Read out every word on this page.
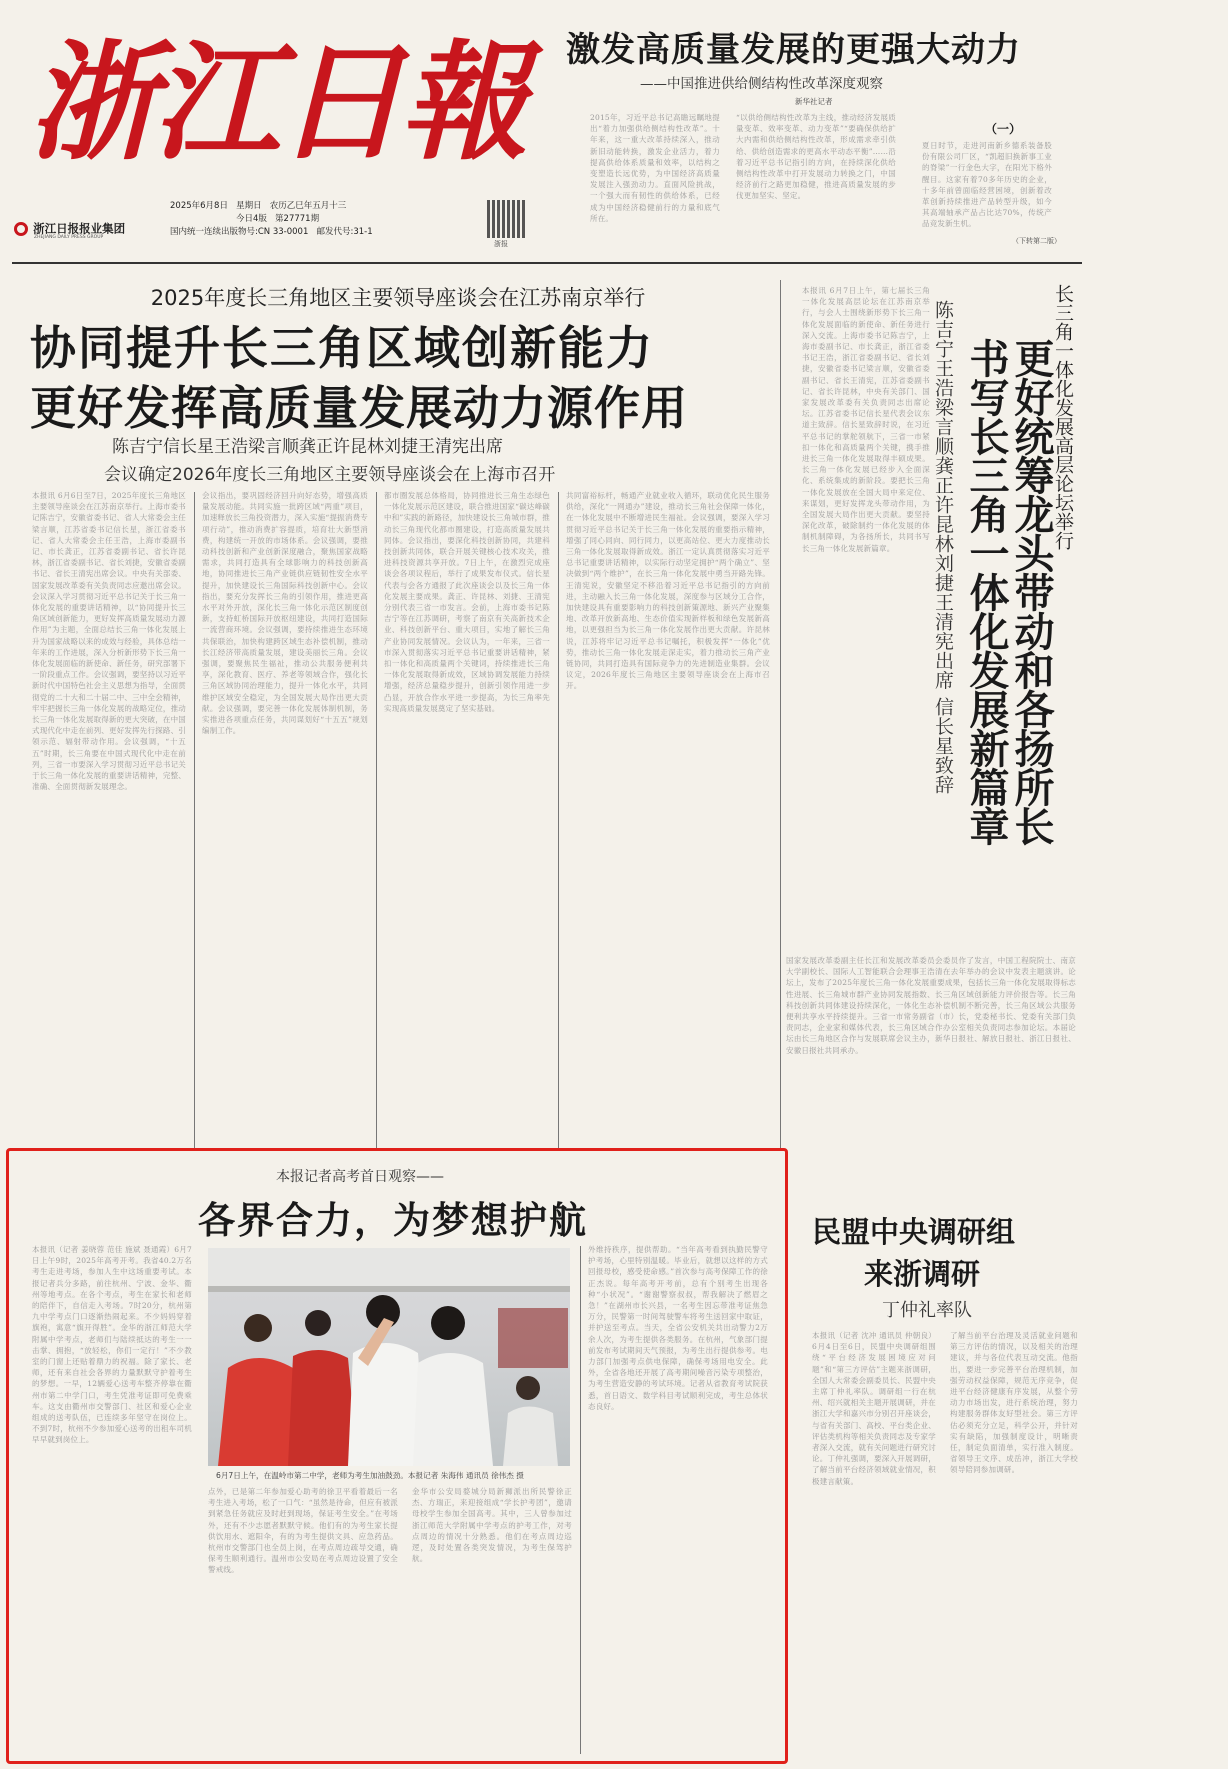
浙江日報
浙江日报报业集团
ZHEJIANG DAILY PRESS GROUP
2025年6月8日 星期日 农历乙巳年五月十三
今日4版 第27771期
国内统一连续出版物号:CN 33-0001 邮发代号:31-1
浙报
激发高质量发展的更强大动力
——中国推进供给侧结构性改革深度观察
新华社记者
2015年，习近平总书记高瞻远瞩地提出“着力加强供给侧结构性改革”。十年来，这一重大改革持续深入，推动新旧动能转换，激发企业活力，着力提高供给体系质量和效率，以结构之变塑造长远优势，为中国经济高质量发展注入强劲动力。直面风险挑战，一个强大而有韧性的供给体系，已经成为中国经济稳健前行的力量和底气所在。
“以供给侧结构性改革为主线，推动经济发展质量变革、效率变革、动力变革”“要确保供给扩大内需和供给侧结构性改革，形成需求牵引供给、供给创造需求的更高水平动态平衡”……沿着习近平总书记指引的方向，在持续深化供给侧结构性改革中打开发展动力转换之门，中国经济前行之路更加稳健，推进高质量发展的步伐更加坚实、坚定。
夏日时节，走进河南新乡德系装备股份有限公司厂区，“凯超旧换新事工业的脊梁”一行金色大字，在阳光下格外醒目。这家有着70多年历史的企业，十多年前曾面临经营困境，创新着改革创新持续推进产品转型升级，如今其高端轴承产品占比达70%，传统产品竞发新生机。
（一）
（下转第二版）
2025年度长三角地区主要领导座谈会在江苏南京举行
协同提升长三角区域创新能力
更好发挥高质量发展动力源作用
陈吉宁信长星王浩梁言顺龚正许昆林刘捷王清宪出席
会议确定2026年度长三角地区主要领导座谈会在上海市召开
本报讯 6月6日至7日，2025年度长三角地区主要领导座谈会在江苏南京举行。上海市委书记陈吉宁，安徽省委书记、省人大常委会主任梁言顺，江苏省委书记信长星，浙江省委书记、省人大常委会主任王浩，上海市委副书记、市长龚正，江苏省委副书记、省长许昆林，浙江省委副书记、省长刘捷，安徽省委副书记、省长王清宪出席会议。中央有关部委、国家发展改革委有关负责同志应邀出席会议。会议深入学习贯彻习近平总书记关于长三角一体化发展的重要讲话精神，以“协同提升长三角区域创新能力，更好发挥高质量发展动力源作用”为主题，全面总结长三角一体化发展上升为国家战略以来的成效与经验，具体总结一年来的工作进展，深入分析新形势下长三角一体化发展面临的新使命、新任务，研究部署下一阶段重点工作。会议强调，要坚持以习近平新时代中国特色社会主义思想为指导，全面贯彻党的二十大和二十届二中、三中全会精神，牢牢把握长三角一体化发展的战略定位，推动长三角一体化发展取得新的更大突破，在中国式现代化中走在前列、更好发挥先行探路、引领示范、辐射带动作用。会议强调，“十五五”时期，长三角要在中国式现代化中走在前列，三省一市要深入学习贯彻习近平总书记关于长三角一体化发展的重要讲话精神，完整、准确、全面贯彻新发展理念。
会议指出，要巩固经济回升向好态势，增强高质量发展动能。共同实施一批跨区域“两重”项目，加速释放长三角投资潜力，深入实施“提振消费专项行动”，推动消费扩容提质，培育壮大新型消费，构建统一开放的市场体系。会议强调，要推动科技创新和产业创新深度融合，聚焦国家战略需求，共同打造具有全球影响力的科技创新高地，协同推进长三角产业链供应链韧性安全水平提升，加快建设长三角国际科技创新中心。会议指出，要充分发挥长三角的引领作用，推进更高水平对外开放，深化长三角一体化示范区制度创新，支持虹桥国际开放枢纽建设，共同打造国际一流营商环境。会议强调，要持续推进生态环境共保联治，加快构建跨区域生态补偿机制，推动长江经济带高质量发展，建设美丽长三角。会议强调，要聚焦民生福祉，推动公共服务便利共享，深化教育、医疗、养老等领域合作，强化长三角区域协同治理能力，提升一体化水平，共同维护区域安全稳定，为全国发展大局作出更大贡献。会议强调，要完善一体化发展体制机制，务实推进各项重点任务，共同谋划好“十五五”规划编制工作。
都市圈发展总体格局，协同推进长三角生态绿色一体化发展示范区建设，联合推进国家“碳达峰碳中和”实践的新路径，加快建设长三角城市群，推动长三角现代化都市圈建设，打造高质量发展共同体。会议指出，要深化科技创新协同，共建科技创新共同体，联合开展关键核心技术攻关，推进科技资源共享开放。7日上午，在激烈完成座谈会各项议程后，举行了成果发布仪式。信长星代表与会各方通报了此次座谈会以及长三角一体化发展主要成果。龚正、许昆林、刘捷、王清宪分别代表三省一市发言。会前，上海市委书记陈吉宁等在江苏调研，考察了南京有关高新技术企业、科技创新平台、重大项目，实地了解长三角产业协同发展情况。会议认为，一年来，三省一市深入贯彻落实习近平总书记重要讲话精神，紧扣一体化和高质量两个关键词，持续推进长三角一体化发展取得新成效，区域协调发展能力持续增强，经济总量稳步提升，创新引领作用进一步凸显，开放合作水平进一步提高，为长三角率先实现高质量发展奠定了坚实基础。
共同富裕标杆，畅通产业就业收入循环，联动优化民生服务供给，深化“一网通办”建设，推动长三角社会保障一体化，在一体化发展中不断增进民生福祉。会议强调，要深入学习贯彻习近平总书记关于长三角一体化发展的重要指示精神，增强了同心同向、同行同力，以更高站位、更大力度推动长三角一体化发展取得新成效。浙江一定认真贯彻落实习近平总书记重要讲话精神，以实际行动坚定拥护“两个确立”、坚决做到“两个维护”，在长三角一体化发展中勇当开路先锋。王清宪说，安徽坚定不移沿着习近平总书记指引的方向前进，主动融入长三角一体化发展，深度参与区域分工合作，加快建设具有重要影响力的科技创新策源地、新兴产业聚集地、改革开放新高地、生态价值实现新样板和绿色发展新高地，以更强担当为长三角一体化发展作出更大贡献。许昆林说，江苏将牢记习近平总书记嘱托，积极发挥“一体化”优势，推动长三角一体化发展走深走实，着力推动长三角产业链协同，共同打造具有国际竞争力的先进制造业集群。会议议定，2026年度长三角地区主要领导座谈会在上海市召开。
本报讯 6月7日上午，第七届长三角一体化发展高层论坛在江苏南京举行，与会人士围绕新形势下长三角一体化发展面临的新使命、新任务进行深入交流。上海市委书记陈吉宁，上海市委副书记、市长龚正，浙江省委书记王浩，浙江省委副书记、省长刘捷，安徽省委书记梁言顺，安徽省委副书记、省长王清宪，江苏省委副书记、省长许昆林，中央有关部门、国家发展改革委有关负责同志出席论坛。江苏省委书记信长星代表会议东道主致辞。信长星致辞时说，在习近平总书记的掌舵领航下，三省一市紧扣一体化和高质量两个关键，携手推进长三角一体化发展取得丰硕成果。长三角一体化发展已经步入全面深化、系统集成的新阶段。要把长三角一体化发展放在全国大局中来定位、来谋划，更好发挥龙头带动作用，为全国发展大局作出更大贡献。要坚持深化改革，破除制约一体化发展的体制机制障碍，为各扬所长，共同书写长三角一体化发展新篇章。	长三角一体化发展高层论坛举行
更好统筹龙头带动和各扬所长
书写长三角一体化发展新篇章
陈吉宁王浩梁言顺龚正许昆林刘捷王清宪出席 信长星致辞
国家发展改革委副主任长江和发展改革委员会委员作了发言，中国工程院院士、南京大学副校长、国际人工智能联合会理事王浩清在去年举办的会议中发表主题演讲。论坛上，发布了2025年度长三角一体化发展重要成果，包括长三角一体化发展取得标志性进展、长三角城市群产业协同发展指数、长三角区域创新能力评价报告等。长三角科技创新共同体建设持续深化，一体化生态补偿机制不断完善，长三角区域公共服务便利共享水平持续提升。三省一市常务副省（市）长，党委秘书长、党委有关部门负责同志，企业家和媒体代表，长三角区域合作办公室相关负责同志参加论坛。本届论坛由长三角地区合作与发展联席会议主办，新华日报社、解放日报社、浙江日报社、安徽日报社共同承办。
本报记者高考首日观察——
各界合力，为梦想护航
本报讯（记者 姜晓蓉 范佳 施斌 聂通霞）6月7日上午9时，2025年高考开考。我省40.2万名考生走进考场，参加人生中这场重要考试。本报记者兵分多路，前往杭州、宁波、金华、衢州等地考点。在各个考点，考生在家长和老师的陪伴下，自信走入考场。7时20分，杭州第九中学考点门口逐渐热闹起来。不少妈妈穿着旗袍，寓意“旗开得胜”。金华的浙江师范大学附属中学考点，老师们与陆续抵达的考生一一击掌、拥抱，“放轻松，你们一定行！”不少教室的门窗上还贴着鼎力的祝福。除了家长、老师，还有来自社会各界的力量默默守护着考生的梦想。一早，12辆爱心送考车整齐停靠在衢州市第二中学门口，考生凭准考证即可免费乘车。这支由衢州市交警部门、社区和爱心企业组成的送考队伍，已连续多年坚守在岗位上。不到7时，杭州不少参加爱心送考的出租车司机早早就到岗位上。
6月7日上午，在温岭市第二中学，老师为考生加油鼓劲。本报记者 朱海伟 通讯员 徐伟杰 摄
点外，已是第二年参加爱心助考的徐卫平看着最后一名考生进入考场，松了一口气：“虽然是待命，但应有被派到紧急任务就应及时赶到现场，保证考生安全。”在考场外，还有不少志愿者默默守候。他们有的为考生家长提供饮用水、遮阳伞，有的为考生提供文具、应急药品。杭州市交警部门也全员上岗，在考点周边疏导交通，确保考生顺利通行。温州市公安局在考点周边设置了安全警戒线。
金华市公安局婺城分局新狮派出所民警徐正杰、方瑞正，来迎接组成“学长护考团”，邀请母校学生参加全国高考。其中，三人曾参加过浙江师范大学附属中学考点的护考工作，对考点周边的情况十分熟悉。他们在考点周边巡逻，及时处置各类突发情况，为考生保驾护航。
外维持秩序，提供帮助。“当年高考看到执勤民警守护考场，心里特别温暖。毕业后，就想以这样的方式回报母校，感受使命感。”首次参与高考保障工作的徐正杰说。每年高考开考前，总有个别考生出现各种“小状况”。“谢谢警察叔叔，帮我解决了燃眉之急！”在湖州市长兴县，一名考生因忘带准考证焦急万分，民警第一时间驾驶警车将考生送回家中取证，并护送至考点。当天，全省公安机关共出动警力2万余人次，为考生提供各类服务。在杭州，气象部门提前发布考试期间天气预报，为考生出行提供参考。电力部门加强考点供电保障，确保考场用电安全。此外，全省各地还开展了高考期间噪音污染专项整治，为考生营造安静的考试环境。记者从省教育考试院获悉，首日语文、数学科目考试顺利完成，考生总体状态良好。
民盟中央调研组
来浙调研
丁仲礼率队
本报讯（记者 沈冲 通讯员 仲朝良）6月4日至6日，民盟中央调研组围绕“平台经济发展困境应对问题”和“第三方评估”主题来浙调研，全国人大常委会副委员长、民盟中央主席丁仲礼率队。调研组一行在杭州、绍兴就相关主题开展调研，并在浙江大学和嘉兴市分别召开座谈会，与省有关部门、高校、平台类企业、评估类机构等相关负责同志及专家学者深入交流，就有关问题进行研究讨论。丁仲礼强调，要深入开展调研，了解当前平台经济领域就业情况，积极建言献策。
了解当前平台治理及灵活就业问题和第三方评估的情况，以及相关的治理建议，并与各位代表互动交流。他指出，要进一步完善平台治理机制，加强劳动权益保障，规范无序竞争，促进平台经济健康有序发展，从整个劳动力市场出发，进行系统治理，努力构建服务群体友好型社会。第三方评估必须充分立足，科学公开，并针对实有缺陷，加强制度设计，明晰责任，制定负面清单，实行准入制度。省领导王文序、成岳冲，浙江大学校领导陪同参加调研。
